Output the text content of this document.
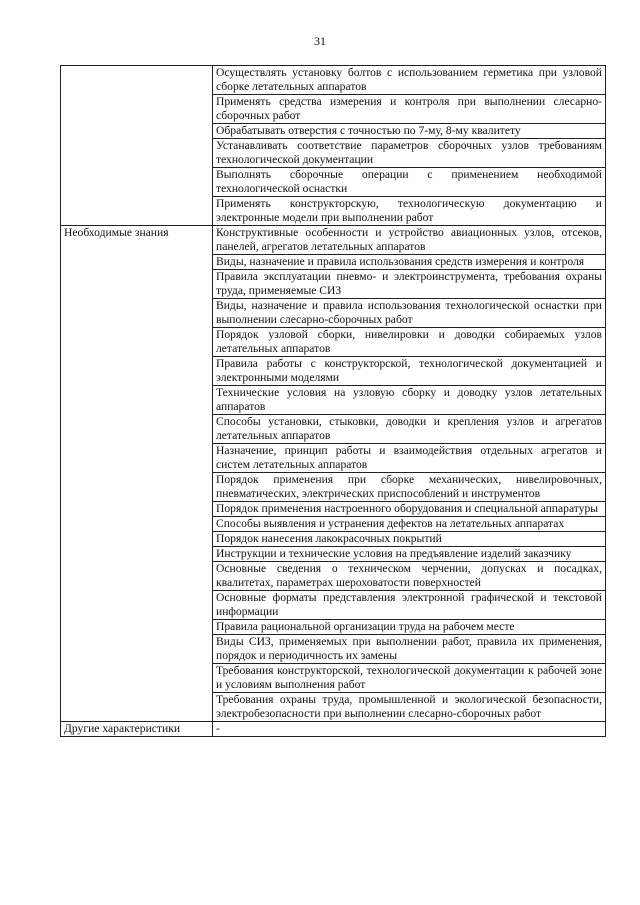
31
	Осуществлять установку болтов с использованием герметика при узловой сборке летательных аппаратов
	Применять средства измерения и контроля при выполнении слесарно-сборочных работ
	Обрабатывать отверстия с точностью по 7-му, 8-му квалитету
	Устанавливать соответствие параметров сборочных узлов требованиям технологической документации
	Выполнять сборочные операции с применением необходимой технологической оснастки
	Применять конструкторскую, технологическую документацию и электронные модели при выполнении работ
Необходимые знания	Конструктивные особенности и устройство авиационных узлов, отсеков, панелей, агрегатов летательных аппаратов
	Виды, назначение и правила использования средств измерения и контроля
	Правила эксплуатации пневмо- и электроинструмента, требования охраны труда, применяемые СИЗ
	Виды, назначение и правила использования технологической оснастки при выполнении слесарно-сборочных работ
	Порядок узловой сборки, нивелировки и доводки собираемых узлов летательных аппаратов
	Правила работы с конструкторской, технологической документацией и электронными моделями
	Технические условия на узловую сборку и доводку узлов летательных аппаратов
	Способы установки, стыковки, доводки и крепления узлов и агрегатов летательных аппаратов
	Назначение, принцип работы и взаимодействия отдельных агрегатов и систем летательных аппаратов
	Порядок применения при сборке механических, нивелировочных, пневматических, электрических приспособлений и инструментов
	Порядок применения настроенного оборудования и специальной аппаратуры
	Способы выявления и устранения дефектов на летательных аппаратах
	Порядок нанесения лакокрасочных покрытий
	Инструкции и технические условия на предъявление изделий заказчику
	Основные сведения о техническом черчении, допусках и посадках, квалитетах, параметрах шероховатости поверхностей
	Основные форматы представления электронной графической и текстовой информации
	Правила рациональной организации труда на рабочем месте
	Виды СИЗ, применяемых при выполнении работ, правила их применения, порядок и периодичность их замены
	Требования конструкторской, технологической документации к рабочей зоне и условиям выполнения работ
	Требования охраны труда, промышленной и экологической безопасности, электробезопасности при выполнении слесарно-сборочных работ
Другие характеристики	-
